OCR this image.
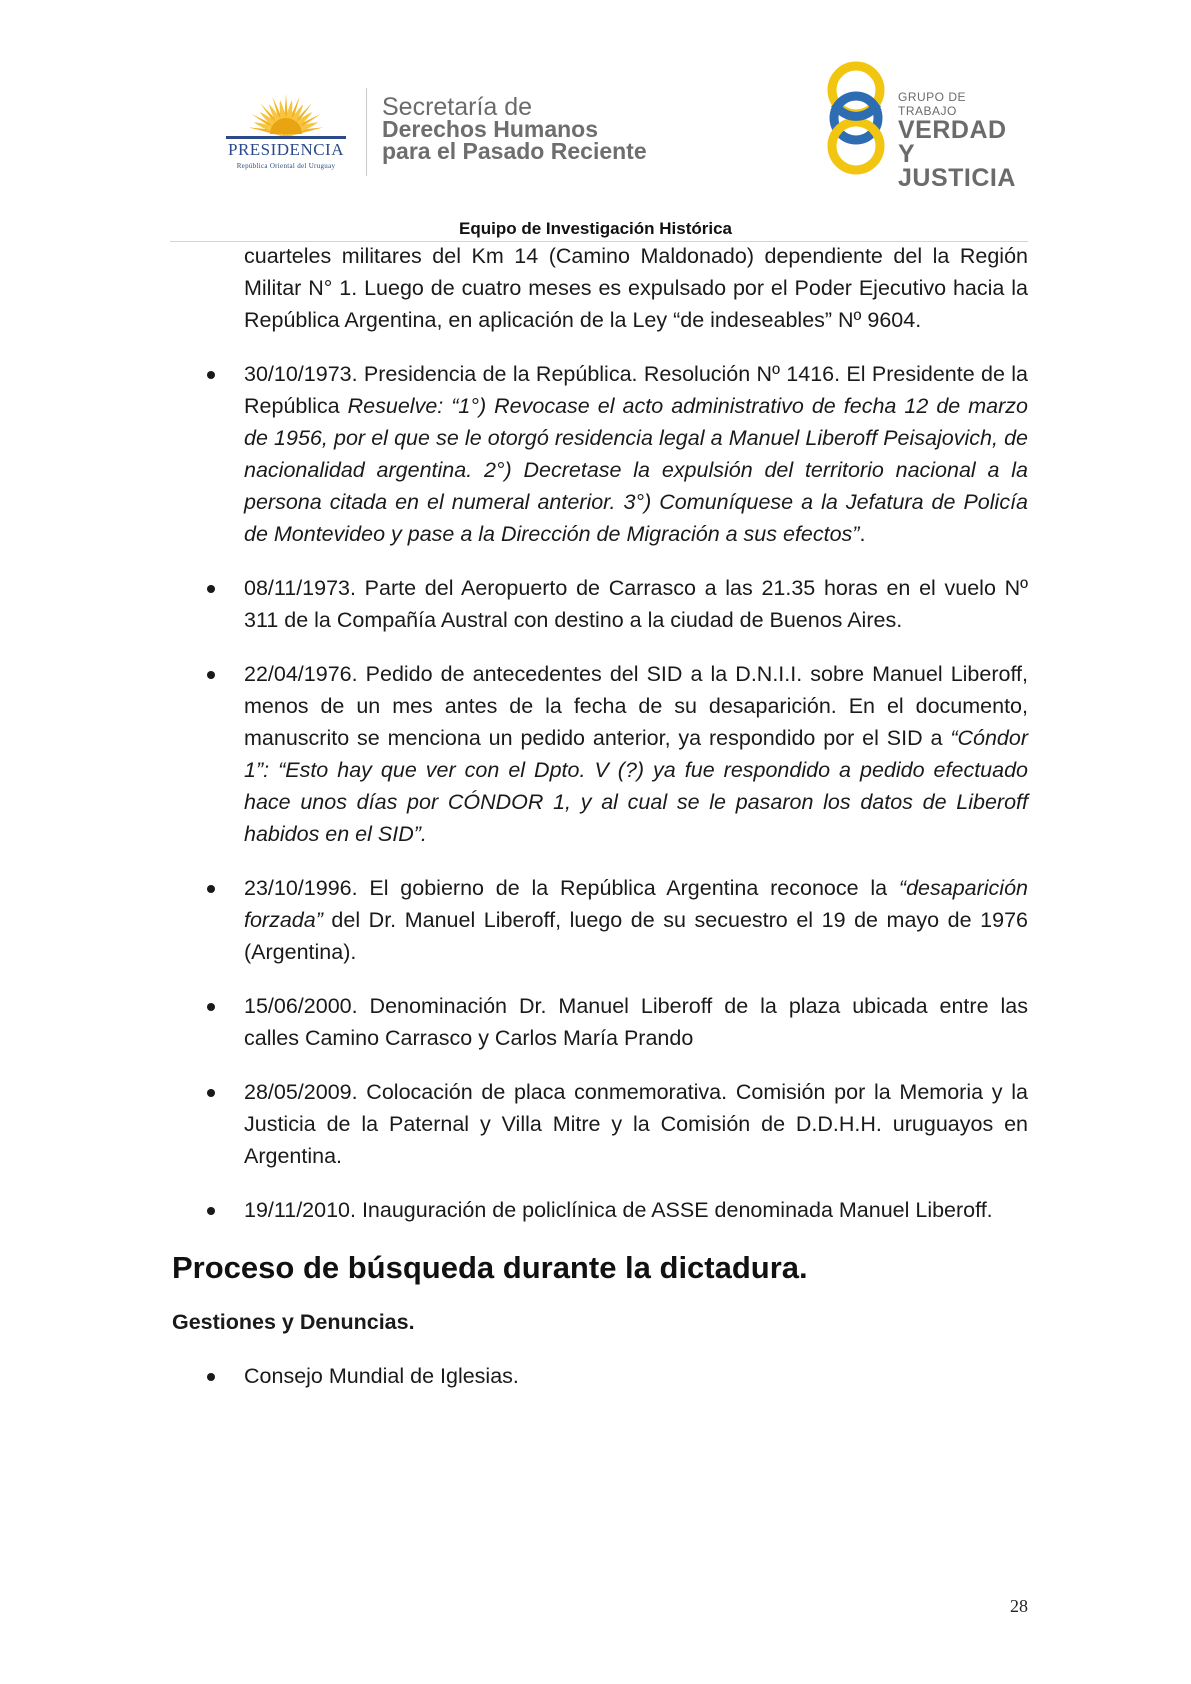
PRESIDENCIA
República Oriental del Uruguay
Secretaría de
Derechos Humanos
para el Pasado Reciente
GRUPO DE TRABAJO
VERDAD Y
JUSTICIA
Equipo de Investigación Histórica
cuarteles militares del Km 14 (Camino Maldonado) dependiente del la Región Militar N° 1. Luego de cuatro meses es expulsado por el Poder Ejecutivo hacia la República Argentina, en aplicación de la Ley “de indeseables” Nº 9604.
30/10/1973. Presidencia de la República. Resolución Nº 1416. El Presidente de la República Resuelve: “1°) Revocase el acto administrativo de fecha 12 de marzo de 1956, por el que se le otorgó residencia legal a Manuel Liberoff Peisajovich, de nacionalidad argentina. 2°) Decretase la expulsión del territorio nacional a la persona citada en el numeral anterior. 3°) Comuníquese a la Jefatura de Policía de Montevideo y pase a la Dirección de Migración a sus efectos”.
08/11/1973. Parte del Aeropuerto de Carrasco a las 21.35 horas en el vuelo Nº 311 de la Compañía Austral con destino a la ciudad de Buenos Aires.
22/04/1976. Pedido de antecedentes del SID a la D.N.I.I. sobre Manuel Liberoff, menos de un mes antes de la fecha de su desaparición. En el documento, manuscrito se menciona un pedido anterior, ya respondido por el SID a “Cóndor 1”: “Esto hay que ver con el Dpto. V (?) ya fue respondido a pedido efectuado hace unos días por CÓNDOR 1, y al cual se le pasaron los datos de Liberoff habidos en el SID”.
23/10/1996. El gobierno de la República Argentina reconoce la “desaparición forzada” del Dr. Manuel Liberoff, luego de su secuestro el 19 de mayo de 1976 (Argentina).
15/06/2000. Denominación Dr. Manuel Liberoff de la plaza ubicada entre las calles Camino Carrasco y Carlos María Prando
28/05/2009. Colocación de placa conmemorativa. Comisión por la Memoria y la Justicia de la Paternal y Villa Mitre y la Comisión de D.D.H.H. uruguayos en Argentina.
19/11/2010. Inauguración de policlínica de ASSE denominada Manuel Liberoff.
Proceso de búsqueda durante la dictadura.
Gestiones y Denuncias.
Consejo Mundial de Iglesias.
28
